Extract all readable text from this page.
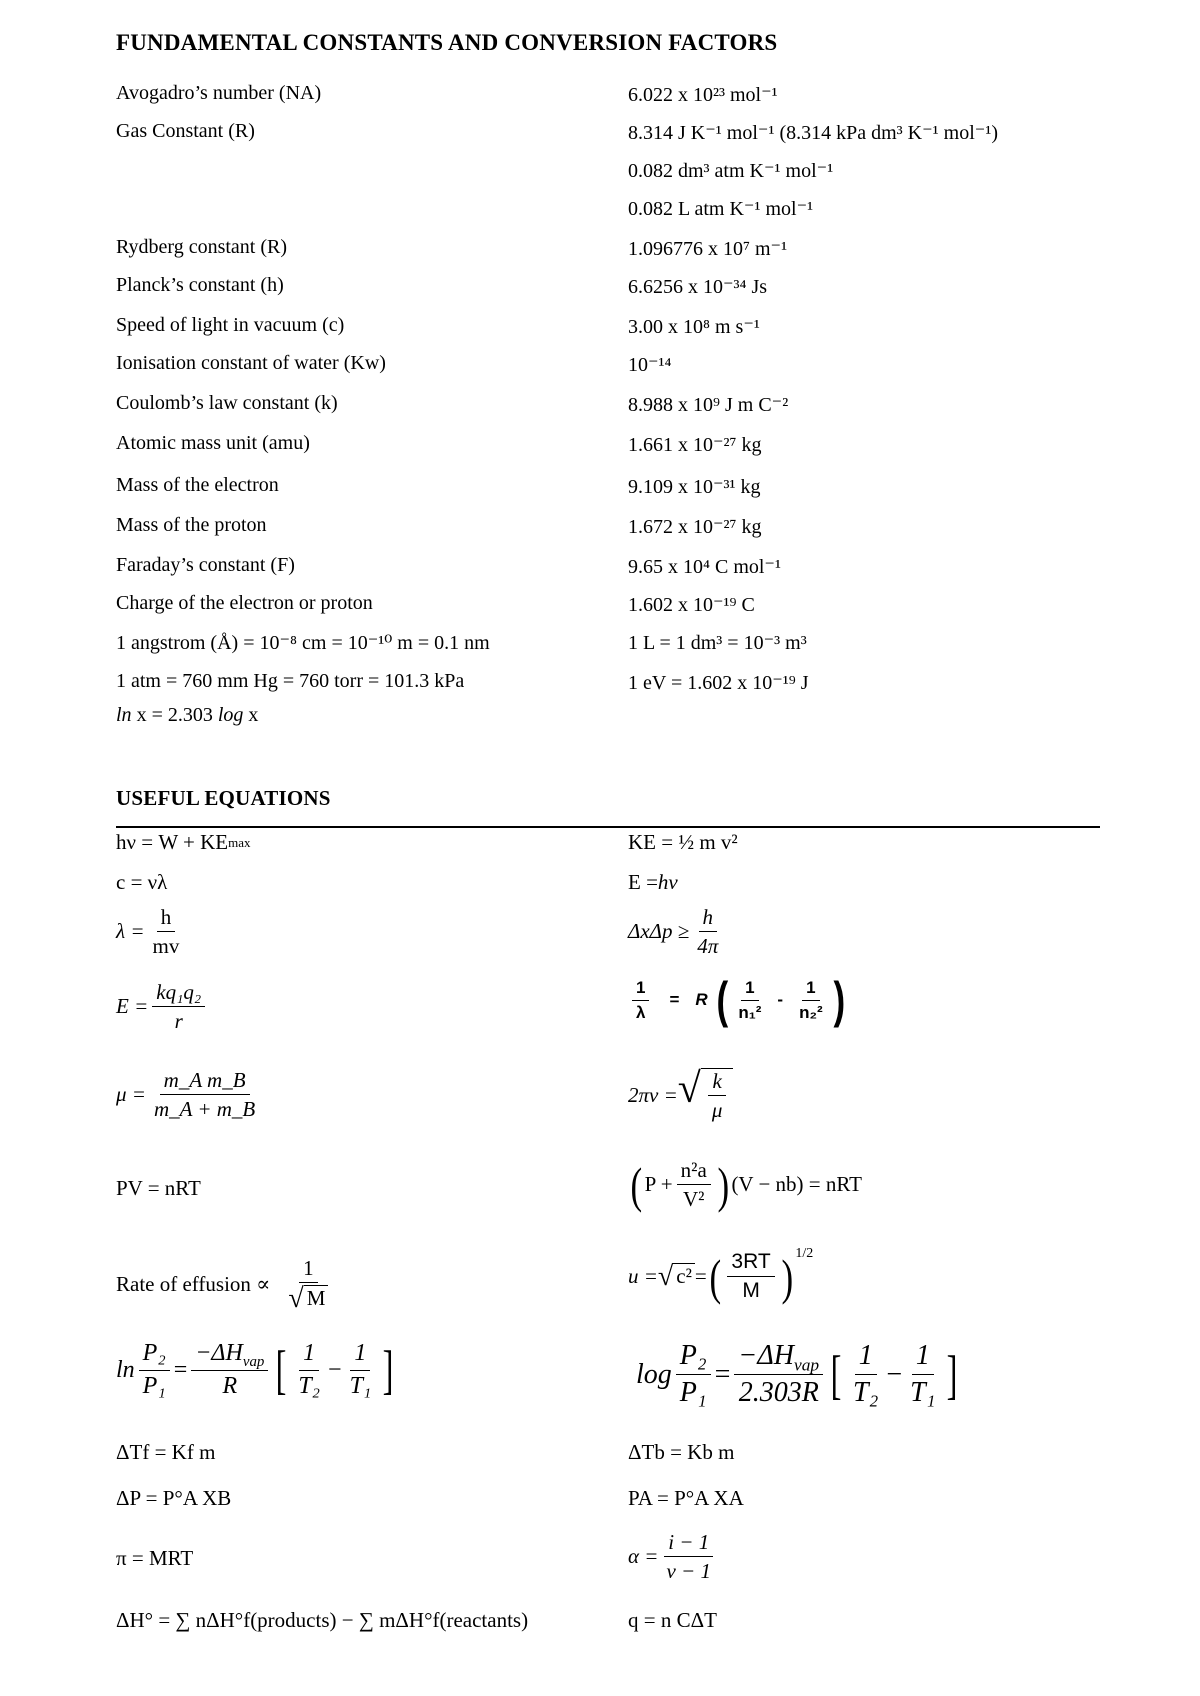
FUNDAMENTAL CONSTANTS AND CONVERSION FACTORS
Avogadro’s number (NA)	6.022 x 10²³ mol⁻¹
Gas Constant (R)	8.314 J K⁻¹ mol⁻¹ (8.314 kPa dm³ K⁻¹ mol⁻¹)
0.082 dm³ atm K⁻¹ mol⁻¹
0.082 L atm K⁻¹ mol⁻¹
Rydberg constant (R)	1.096776 x 10⁷ m⁻¹
Planck’s constant (h)	6.6256 x 10⁻³⁴ Js
Speed of light in vacuum (c)	3.00 x 10⁸ m s⁻¹
Ionisation constant of water (Kw)	10⁻¹⁴
Coulomb’s law constant (k)	8.988 x 10⁹ J m C⁻²
Atomic mass unit (amu)	1.661 x 10⁻²⁷ kg
Mass of the electron	9.109 x 10⁻³¹ kg
Mass of the proton	1.672 x 10⁻²⁷ kg
Faraday’s constant (F)	9.65 x 10⁴ C mol⁻¹
Charge of the electron or proton	1.602 x 10⁻¹⁹ C
1 angstrom (Å) = 10⁻⁸ cm = 10⁻¹⁰ m = 0.1 nm	1 L = 1 dm³ = 10⁻³ m³
1 atm = 760 mm Hg = 760 torr = 101.3 kPa	1 eV = 1.602 x 10⁻¹⁹ J
ln x = 2.303 log x
USEFUL EQUATIONS
hν = W + KE max	KE = ½ m v²
c = νλ	E = h ν
$\lambda = \frac{h}{mv}$	$\Delta x\Delta p \ge \frac{h}{4\pi}$
$E = \frac{\text{kq₁q₂}}{r}$	$\frac{1}{\lambda} = R$ ( $\frac{1}{\text{n₁²}} - \frac{1}{\text{n₂²}}$ )
$\mu = \frac{\text{m\_A m\_B}}{m\_A + m\_B}$	2πν = √ $\frac{k}{\mu}$
PV = nRT	( $P + \frac{\text{n²a}}{\text{V²}}$ ) (V − nb) = nRT
Rate of effusion ∝ $\frac{1}{√ M}$	u = √ c² = ( $\frac{3RT}{M}$ ) 1/2
$\ln \frac{\text{P₂}}{\text{P₁}} = \frac{-\Delta H_{vap}}{R}$ [ $\frac{1}{\text{T₂}} - \frac{1}{\text{T₁}}$ ]	$\log \frac{\text{P₂}}{\text{P₁}} = \frac{-\Delta H_{vap}}{2.303R}$ [ $\frac{1}{\text{T₂}} - \frac{1}{\text{T₁}}$ ]
ΔTf = Kf m	ΔTb = Kb m
ΔP = P°A XB	PA = P°A XA
π = MRT	$\alpha = \frac{i - 1}{\nu - 1}$
ΔH° = ∑ nΔH°f(products) − ∑ mΔH°f(reactants)	q = n CΔT
